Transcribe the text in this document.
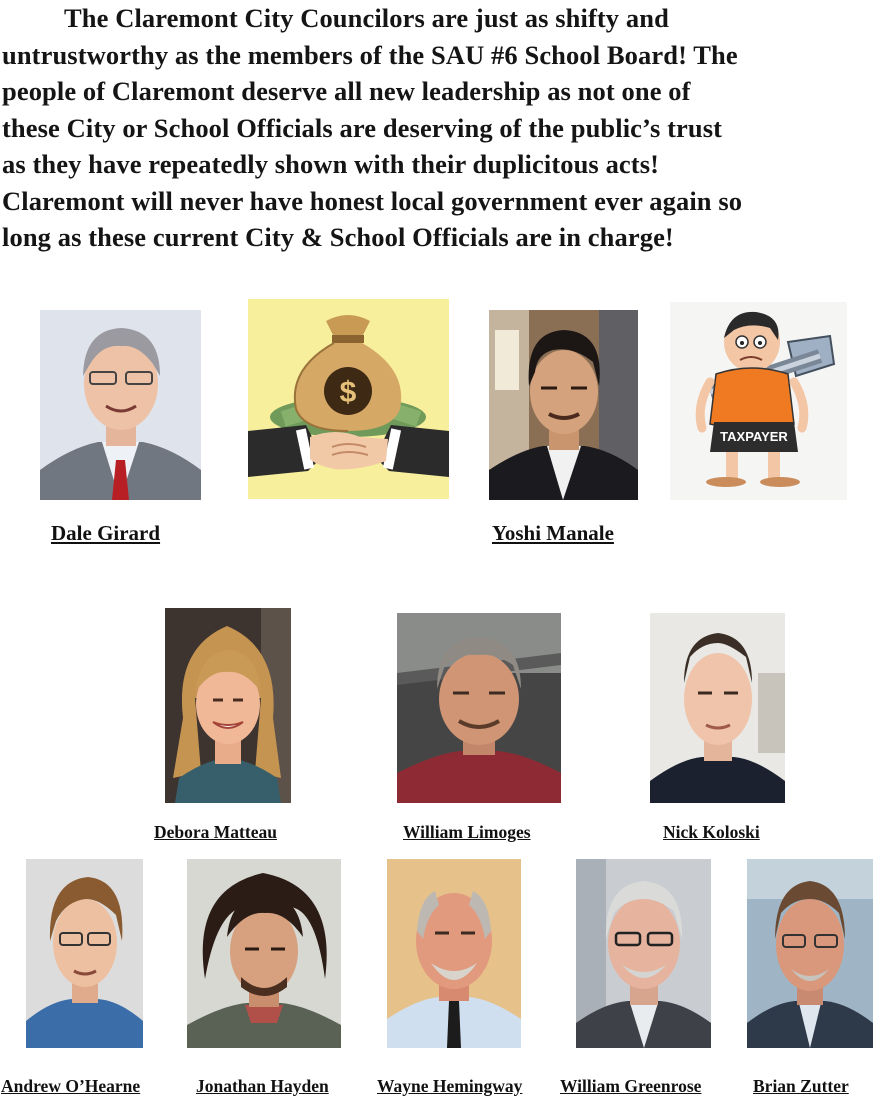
The Claremont City Councilors are just as shifty and
untrustworthy as the members of the SAU #6 School Board! The
people of Claremont deserve all new leadership as not one of
these City or School Officials are deserving of the public’s trust
as they have repeatedly shown with their duplicitous acts!
Claremont will never have honest local government ever again so
long as these current City & School Officials are in charge!
$
TAXPAYER
Dale Girard	Yoshi Manale
Debora Matteau	William Limoges	Nick Koloski
Andrew O’Hearne	Jonathan Hayden	Wayne Hemingway William Greenrose	Brian Zutter
